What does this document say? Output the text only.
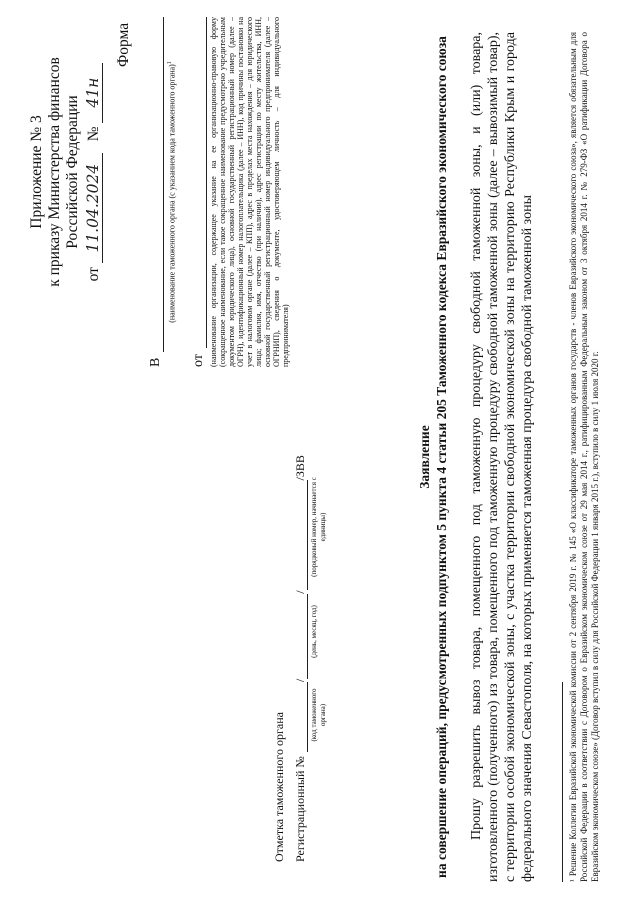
Приложение № 3 к приказу Министерства финансов Российской Федерации
от 11.04.2024 № 41н
Форма
В
(наименование таможенного органа (с указанием кода таможенного органа)$^1$
от (наименование организации, содержащее указание на ее организационно-правовую форму (сокращенное наименование, если такое сокращенное наименование предусмотрено учредительным документом юридического лица), основной государственный регистрационный номер (далее – ОГРН), идентификационный номер налогоплательщика (далее – ИНН), код причины постановки на учет в налоговом органе (далее – КПП), адрес в пределах места нахождения – для юридического лица; фамилия, имя, отчество (при наличии), адрес регистрации по месту жительства, ИНН, основной государственный регистрационный номер индивидуального предпринимателя (далее – ОГРНИП), сведения о документе, удостоверяющем личность – для индивидуального предпринимателя)
Отметка таможенного органа Регистрационный №
/
/
/ЗВВ
(код таможенного органа)
(день, месяц, год)
(порядковый номер, начинается с единицы)
Заявление на совершение операций, предусмотренных подпунктом 5 пункта 4 статьи 205 Таможенного кодекса Евразийского экономического союза Прошу разрешить вывоз товара, помещенного под таможенную процедуру свободной таможенной зоны, и (или) товара, изготовленного (полученного) из товара, помещенного под таможенную процедуру свободной таможенной зоны (далее – вывозимый товар), с территории особой экономической зоны, с участка территории свободной экономической зоны на территорию Республики Крым и города федерального значения Севастополя, на которых применяется таможенная процедура свободной таможенной зоны	¹ Решение Коллегии Евразийской экономической комиссии от 2 сентября 2019 г. № 145 «О классификаторе таможенных органов государств - членов Евразийского экономического союза», является обязательным для Российской Федерации в соответствии с Договором о Евразийском экономическом союзе от 29 мая 2014 г., ратифицированным Федеральным законом от 3 октября 2014 г. № 279-ФЗ «О ратификации Договора о Евразийском экономическом союзе» (Договор вступил в силу для Российской Федерации 1 января 2015 г.), вступило в силу 1 июля 2020 г.
